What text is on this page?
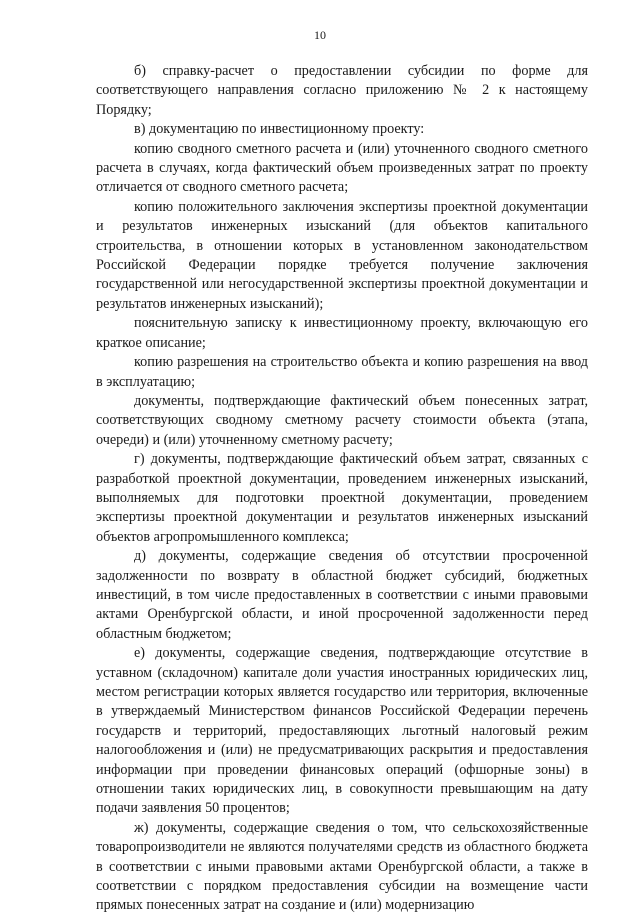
10

б) справку-расчет о предоставлении субсидии по форме для соответствующего направления согласно приложению № 2 к настоящему Порядку;

в) документацию по инвестиционному проекту:

копию сводного сметного расчета и (или) уточненного сводного сметного расчета в случаях, когда фактический объем произведенных затрат по проекту отличается от сводного сметного расчета;

копию положительного заключения экспертизы проектной документации и результатов инженерных изысканий (для объектов капитального строительства, в отношении которых в установленном законодательством Российской Федерации порядке требуется получение заключения государственной или негосударственной экспертизы проектной документации и результатов инженерных изысканий);

пояснительную записку к инвестиционному проекту, включающую его краткое описание;

копию разрешения на строительство объекта и копию разрешения на ввод в эксплуатацию;

документы, подтверждающие фактический объем понесенных затрат, соответствующих сводному сметному расчету стоимости объекта (этапа, очереди) и (или) уточненному сметному расчету;

г) документы, подтверждающие фактический объем затрат, связанных с разработкой проектной документации, проведением инженерных изысканий, выполняемых для подготовки проектной документации, проведением экспертизы проектной документации и результатов инженерных изысканий объектов агропромышленного комплекса;

д) документы, содержащие сведения об отсутствии просроченной задолженности по возврату в областной бюджет субсидий, бюджетных инвестиций, в том числе предоставленных в соответствии с иными правовыми актами Оренбургской области, и иной просроченной задолженности перед областным бюджетом;

е) документы, содержащие сведения, подтверждающие отсутствие в уставном (складочном) капитале доли участия иностранных юридических лиц, местом регистрации которых является государство или территория, включенные в утверждаемый Министерством финансов Российской Федерации перечень государств и территорий, предоставляющих льготный налоговый режим налогообложения и (или) не предусматривающих раскрытия и предоставления информации при проведении финансовых операций (офшорные зоны) в отношении таких юридических лиц, в совокупности превышающим на дату подачи заявления 50 процентов;

ж) документы, содержащие сведения о том, что сельскохозяйственные товаропроизводители не являются получателями средств из областного бюджета в соответствии с иными правовыми актами Оренбургской области, а также в соответствии с порядком предоставления субсидии на возмещение части прямых понесенных затрат на создание и (или) модернизацию
